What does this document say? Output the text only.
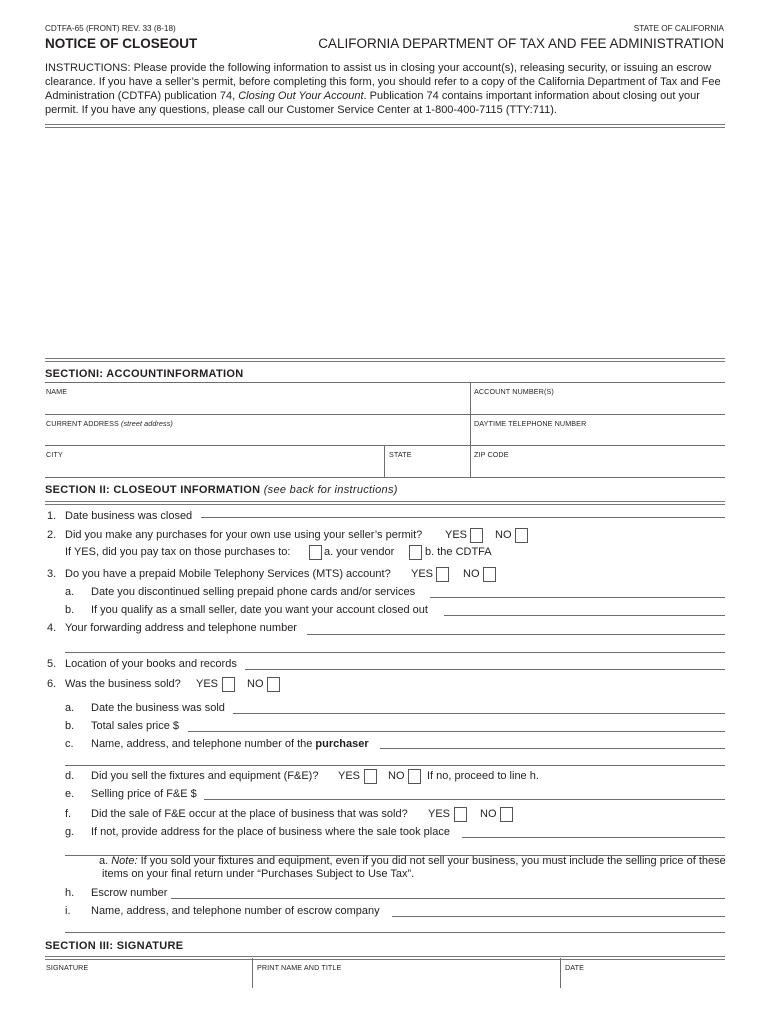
CDTFA-65 (FRONT) REV. 33 (8-18)
NOTICE OF CLOSEOUT
STATE OF CALIFORNIA
CALIFORNIA DEPARTMENT OF TAX AND FEE ADMINISTRATION
INSTRUCTIONS: Please provide the following information to assist us in closing your account(s), releasing security, or issuing an escrow clearance. If you have a seller’s permit, before completing this form, you should refer to a copy of the California Department of Tax and Fee Administration (CDTFA) publication 74, Closing Out Your Account. Publication 74 contains important information about closing out your permit. If you have any questions, please call our Customer Service Center at 1-800-400-7115 (TTY:711).
SECTIONI: ACCOUNTINFORMATION
NAME	ACCOUNT NUMBER(S)
CURRENT ADDRESS (street address)	DAYTIME TELEPHONE NUMBER
CITY	STATE	ZIP CODE
SECTION II: CLOSEOUT INFORMATION (see back for instructions)
1. Date business was closed
2. Did you make any purchases for your own use using your seller’s permit? YES	NO
If YES, did you pay tax on those purchases to:	a. your vendor	b. the CDTFA
3. Do you have a prepaid Mobile Telephony Services (MTS) account? YES	NO
a. Date you discontinued selling prepaid phone cards and/or services
b. If you qualify as a small seller, date you want your account closed out
4. Your forwarding address and telephone number
5. Location of your books and records
6. Was the business sold? YES	NO
a. Date the business was sold
b. Total sales price $
c. Name, address, and telephone number of the purchaser
d. Did you sell the fixtures and equipment (F&E)? YES	NO If no, proceed to line h.
e. Selling price of F&E $
f. Did the sale of F&E occur at the place of business that was sold? YES	NO
g. If not, provide address for the place of business where the sale took place
a. Note: If you sold your fixtures and equipment, even if you did not sell your business, you must include the selling price of these items on your final return under “Purchases Subject to Use Tax”.
h. Escrow number
i. Name, address, and telephone number of escrow company
SECTION III: SIGNATURE
SIGNATURE	PRINT NAME AND TITLE	DATE
